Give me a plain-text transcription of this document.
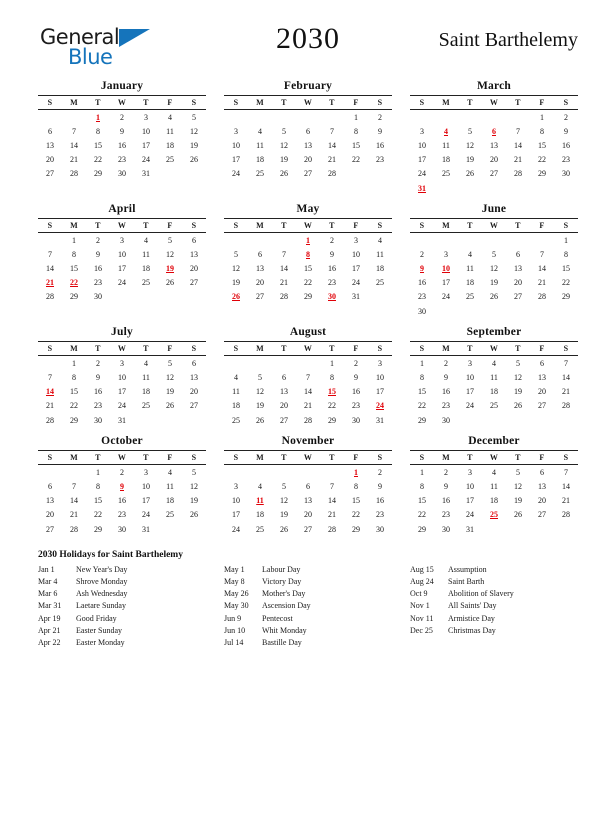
General
Blue
2030	Saint Barthelemy
January
S	M	T	W	T	F	S
		1	2	3	4	5
6	7	8	9	10	11	12
13	14	15	16	17	18	19
20	21	22	23	24	25	26
27	28	29	30	31		
February
S	M	T	W	T	F	S
					1	2
3	4	5	6	7	8	9
10	11	12	13	14	15	16
17	18	19	20	21	22	23
24	25	26	27	28		
March
S	M	T	W	T	F	S
					1	2
3	4	5	6	7	8	9
10	11	12	13	14	15	16
17	18	19	20	21	22	23
24	25	26	27	28	29	30
31						
April
S	M	T	W	T	F	S
	1	2	3	4	5	6
7	8	9	10	11	12	13
14	15	16	17	18	19	20
21	22	23	24	25	26	27
28	29	30				
May
S	M	T	W	T	F	S
			1	2	3	4
5	6	7	8	9	10	11
12	13	14	15	16	17	18
19	20	21	22	23	24	25
26	27	28	29	30	31	
June
S	M	T	W	T	F	S
						1
2	3	4	5	6	7	8
9	10	11	12	13	14	15
16	17	18	19	20	21	22
23	24	25	26	27	28	29
30						
July
S	M	T	W	T	F	S
	1	2	3	4	5	6
7	8	9	10	11	12	13
14	15	16	17	18	19	20
21	22	23	24	25	26	27
28	29	30	31			
August
S	M	T	W	T	F	S
				1	2	3
4	5	6	7	8	9	10
11	12	13	14	15	16	17
18	19	20	21	22	23	24
25	26	27	28	29	30	31
September
S	M	T	W	T	F	S
1	2	3	4	5	6	7
8	9	10	11	12	13	14
15	16	17	18	19	20	21
22	23	24	25	26	27	28
29	30					
October
S	M	T	W	T	F	S
		1	2	3	4	5
6	7	8	9	10	11	12
13	14	15	16	17	18	19
20	21	22	23	24	25	26
27	28	29	30	31		
November
S	M	T	W	T	F	S
					1	2
3	4	5	6	7	8	9
10	11	12	13	14	15	16
17	18	19	20	21	22	23
24	25	26	27	28	29	30
December
S	M	T	W	T	F	S
1	2	3	4	5	6	7
8	9	10	11	12	13	14
15	16	17	18	19	20	21
22	23	24	25	26	27	28
29	30	31				
2030 Holidays for Saint Barthelemy
Jan 1	New Year's Day
Mar 4	Shrove Monday
Mar 6	Ash Wednesday
Mar 31	Laetare Sunday
Apr 19	Good Friday
Apr 21	Easter Sunday
Apr 22	Easter Monday
May 1	Labour Day
May 8	Victory Day
May 26	Mother's Day
May 30	Ascension Day
Jun 9	Pentecost
Jun 10	Whit Monday
Jul 14	Bastille Day
Aug 15	Assumption
Aug 24	Saint Barth
Oct 9	Abolition of Slavery
Nov 1	All Saints' Day
Nov 11	Armistice Day
Dec 25	Christmas Day
